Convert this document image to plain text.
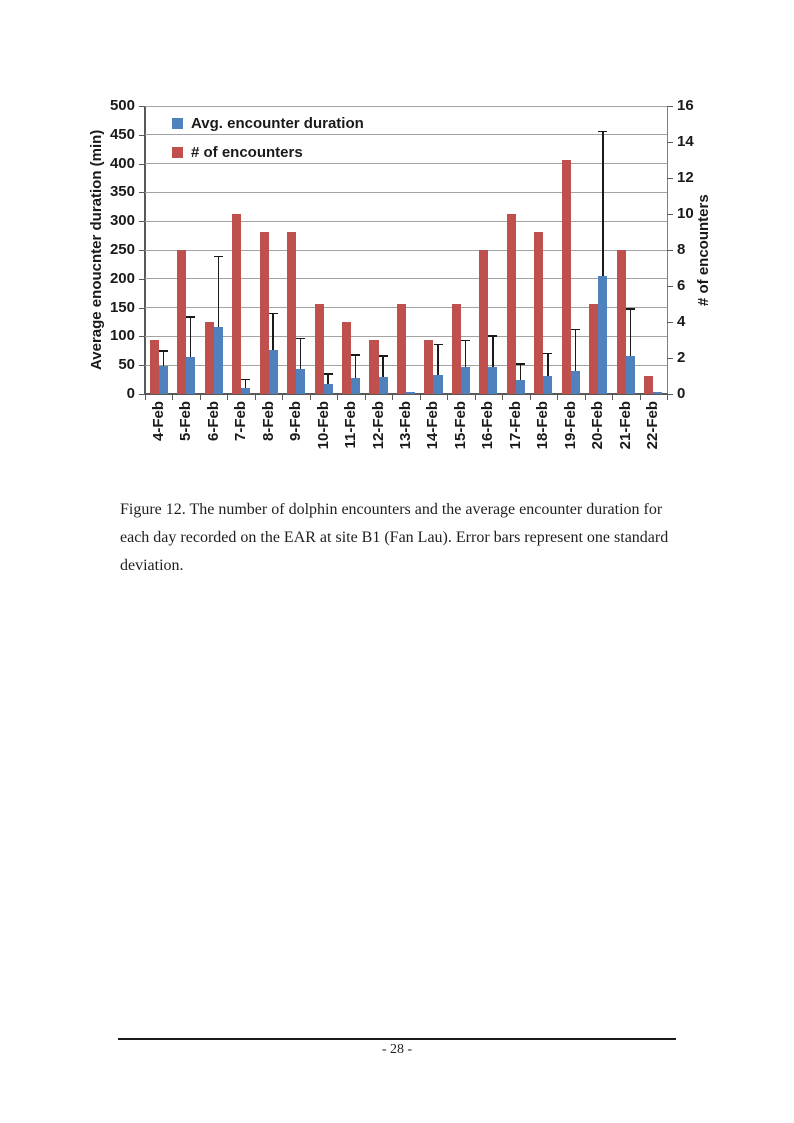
Average enoucnter duration (min)
Avg. encounter duration
# of encounters
0
50
100
150
200
250
300
350
400
450
500
0
2
4
6
8
10
12
14
16
4-Feb 5-Feb 6-Feb 7-Feb 8-Feb 9-Feb 10-Feb 11-Feb 12-Feb 13-Feb 14-Feb 15-Feb 16-Feb 17-Feb 18-Feb 19-Feb 20-Feb 21-Feb 22-Feb
# of encounters
Figure 12. The number of dolphin encounters and the average encounter duration for each day recorded on the EAR at site B1 (Fan Lau). Error bars represent one standard deviation.
- 28 -
